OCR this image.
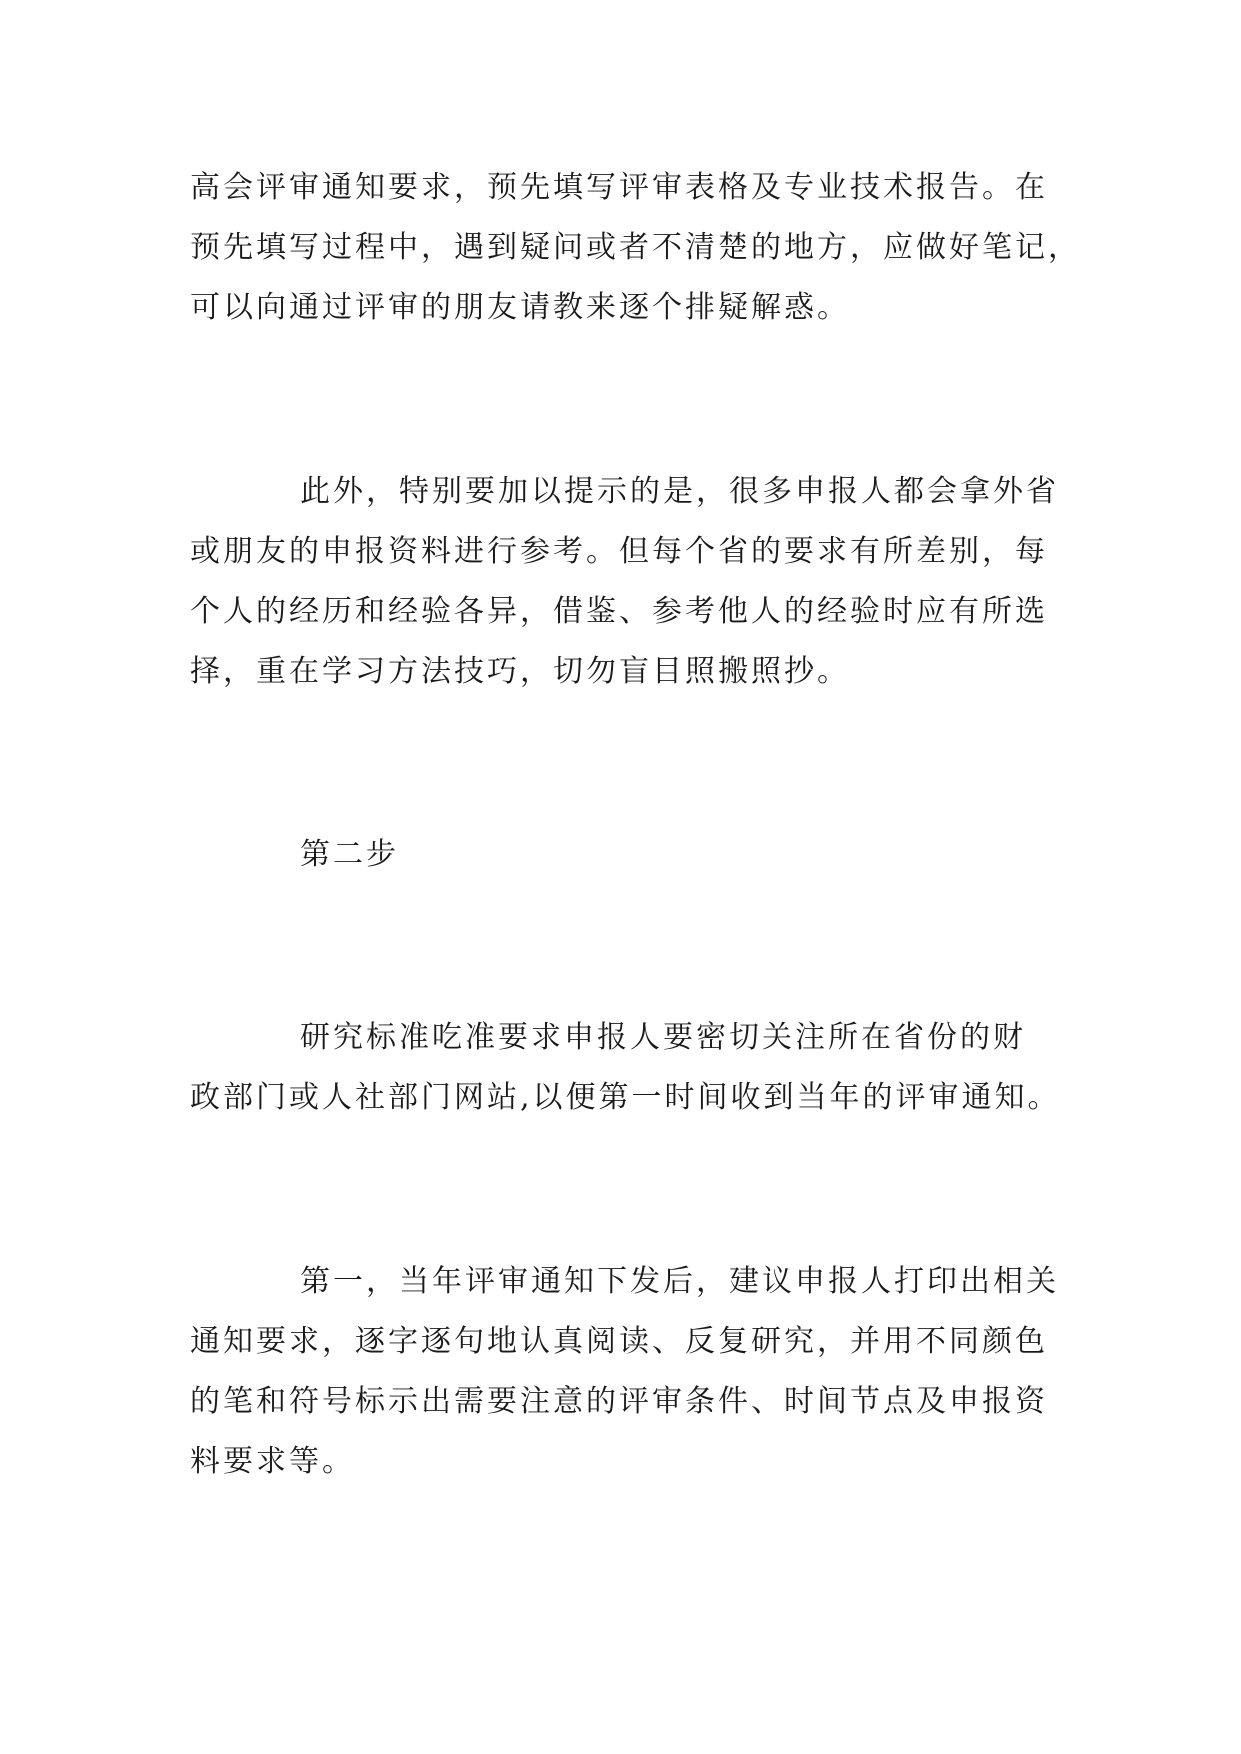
高会评审通知要求，预先填写评审表格及专业技术报告。在
预先填写过程中，遇到疑问或者不清楚的地方，应做好笔记，
可以向通过评审的朋友请教来逐个排疑解惑。
此外，特别要加以提示的是，很多申报人都会拿外省
或朋友的申报资料进行参考。但每个省的要求有所差别，每
个人的经历和经验各异，借鉴、参考他人的经验时应有所选
择，重在学习方法技巧，切勿盲目照搬照抄。
第二步
研究标准吃准要求申报人要密切关注所在省份的财
政部门或人社部门网站,以便第一时间收到当年的评审通知。
第一，当年评审通知下发后，建议申报人打印出相关
通知要求，逐字逐句地认真阅读、反复研究，并用不同颜色
的笔和符号标示出需要注意的评审条件、时间节点及申报资
料要求等。
